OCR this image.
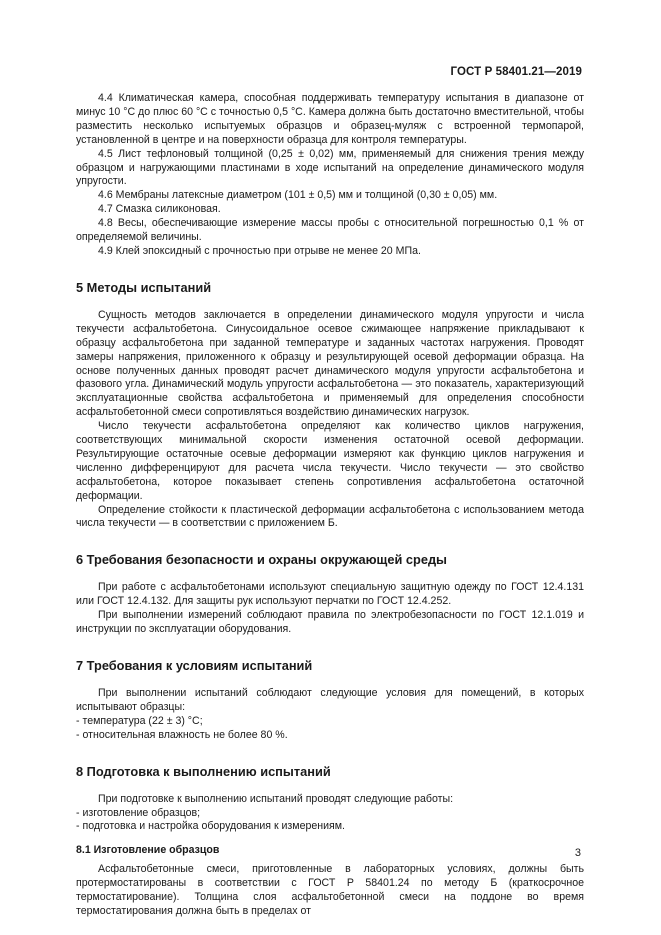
ГОСТ Р 58401.21—2019

4.4 Климатическая камера, способная поддерживать температуру испытания в диапазоне от минус 10 °С до плюс 60 °С с точностью 0,5 °С. Камера должна быть достаточно вместительной, чтобы разместить несколько испытуемых образцов и образец-муляж с встроенной термопарой, установленной в центре и на поверхности образца для контроля температуры.

4.5 Лист тефлоновый толщиной (0,25 ± 0,02) мм, применяемый для снижения трения между образцом и нагружающими пластинами в ходе испытаний на определение динамического модуля упругости.

4.6 Мембраны латексные диаметром (101 ± 0,5) мм и толщиной (0,30 ± 0,05) мм.

4.7 Смазка силиконовая.

4.8 Весы, обеспечивающие измерение массы пробы с относительной погрешностью 0,1 % от определяемой величины.

4.9 Клей эпоксидный с прочностью при отрыве не менее 20 МПа.

5 Методы испытаний

Сущность методов заключается в определении динамического модуля упругости и числа текучести асфальтобетона. Синусоидальное осевое сжимающее напряжение прикладывают к образцу асфальтобетона при заданной температуре и заданных частотах нагружения. Проводят замеры напряжения, приложенного к образцу и результирующей осевой деформации образца. На основе полученных данных проводят расчет динамического модуля упругости асфальтобетона и фазового угла. Динамический модуль упругости асфальтобетона — это показатель, характеризующий эксплуатационные свойства асфальтобетона и применяемый для определения способности асфальтобетонной смеси сопротивляться воздействию динамических нагрузок.

Число текучести асфальтобетона определяют как количество циклов нагружения, соответствующих минимальной скорости изменения остаточной осевой деформации. Результирующие остаточные осевые деформации измеряют как функцию циклов нагружения и численно дифференцируют для расчета числа текучести. Число текучести — это свойство асфальтобетона, которое показывает степень сопротивления асфальтобетона остаточной деформации.

Определение стойкости к пластической деформации асфальтобетона с использованием метода числа текучести — в соответствии с приложением Б.

6 Требования безопасности и охраны окружающей среды

При работе с асфальтобетонами используют специальную защитную одежду по ГОСТ 12.4.131 или ГОСТ 12.4.132. Для защиты рук используют перчатки по ГОСТ 12.4.252.

При выполнении измерений соблюдают правила по электробезопасности по ГОСТ 12.1.019 и инструкции по эксплуатации оборудования.

7 Требования к условиям испытаний

При выполнении испытаний соблюдают следующие условия для помещений, в которых испытывают образцы:

- температура (22 ± 3) °С;

- относительная влажность не более 80 %.

8 Подготовка к выполнению испытаний

При подготовке к выполнению испытаний проводят следующие работы:

- изготовление образцов;

- подготовка и настройка оборудования к измерениям.

8.1 Изготовление образцов

Асфальтобетонные смеси, приготовленные в лабораторных условиях, должны быть протермостатированы в соответствии с ГОСТ Р 58401.24 по методу Б (краткосрочное термостатирование). Толщина слоя асфальтобетонной смеси на поддоне во время термостатирования должна быть в пределах от

3
